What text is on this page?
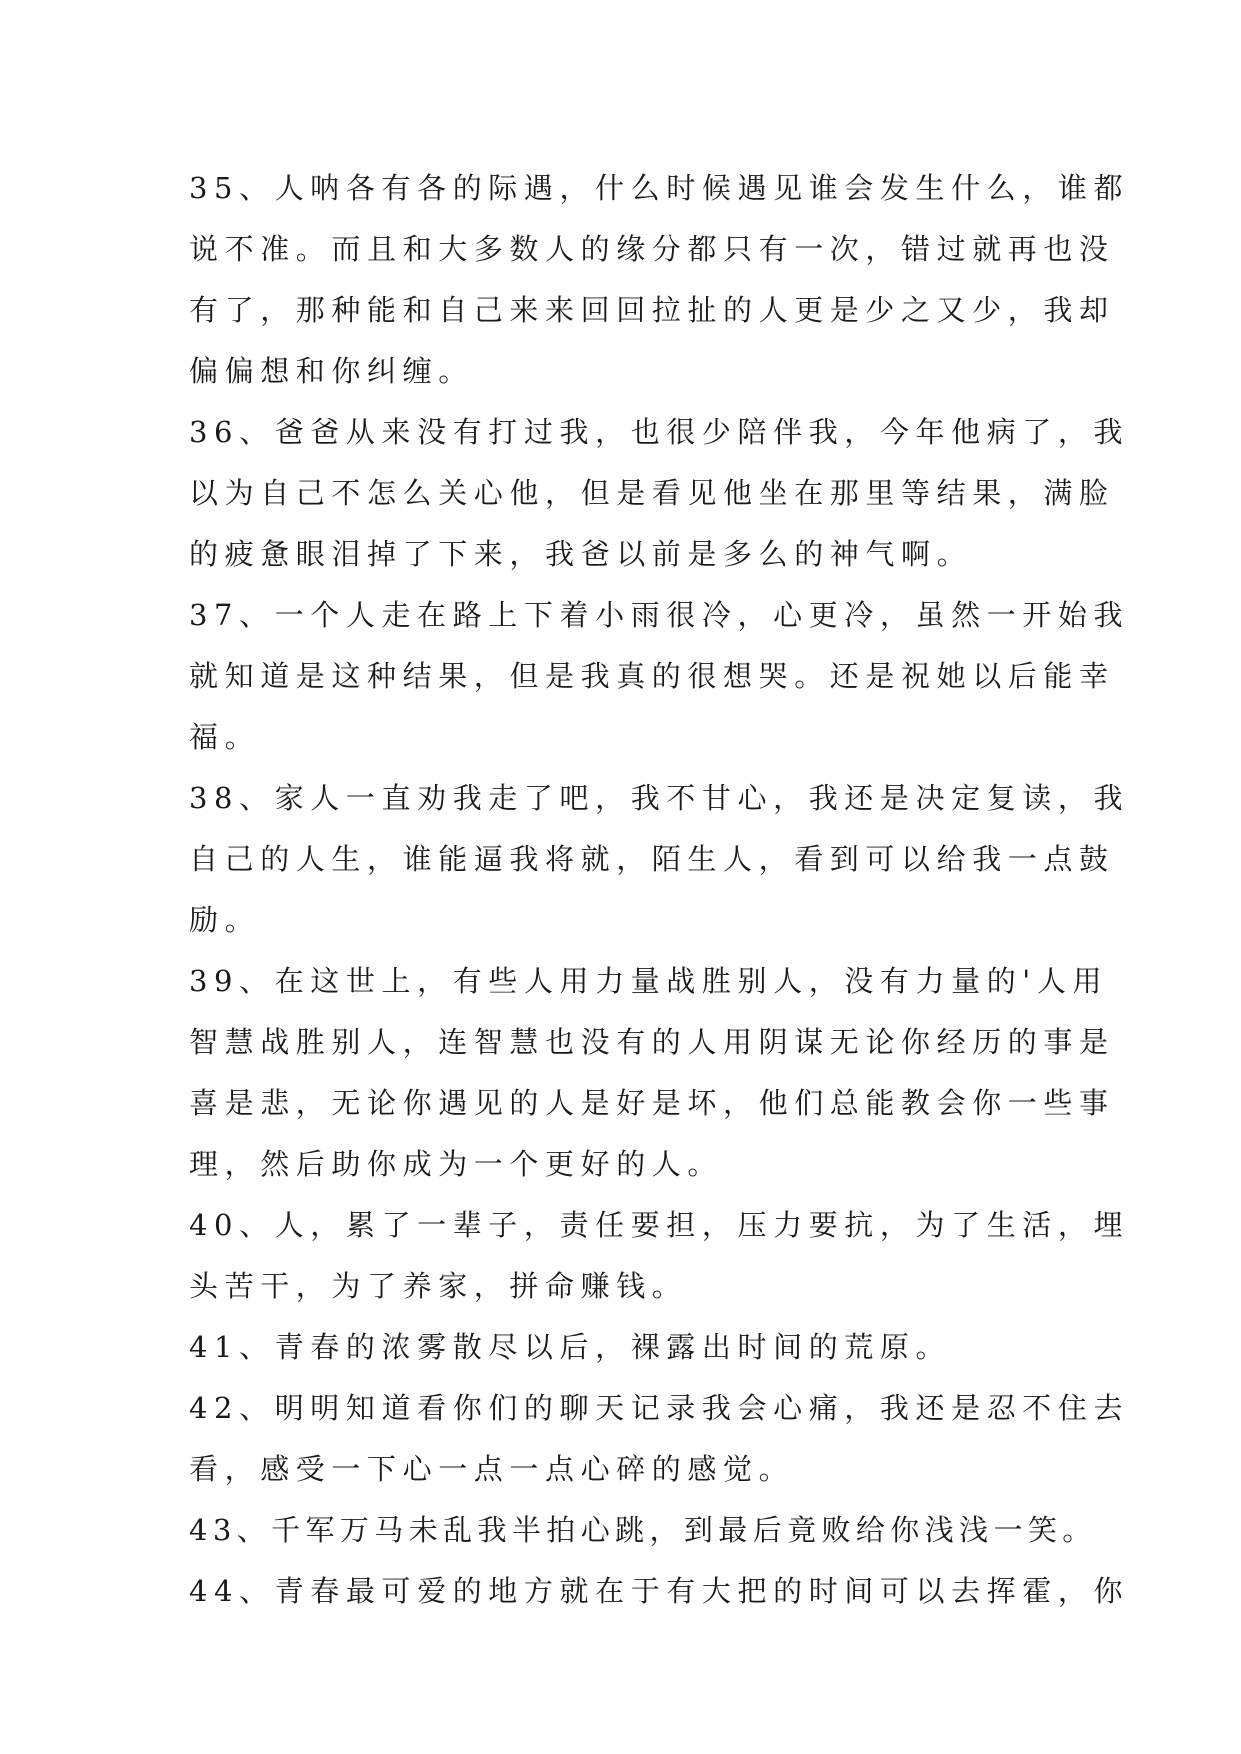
35、人呐各有各的际遇，什么时候遇见谁会发生什么，谁都
说不准。而且和大多数人的缘分都只有一次，错过就再也没
有了，那种能和自己来来回回拉扯的人更是少之又少，我却
偏偏想和你纠缠。
36、爸爸从来没有打过我，也很少陪伴我，今年他病了，我
以为自己不怎么关心他，但是看见他坐在那里等结果，满脸
的疲惫眼泪掉了下来，我爸以前是多么的神气啊。
37、一个人走在路上下着小雨很冷，心更冷，虽然一开始我
就知道是这种结果，但是我真的很想哭。还是祝她以后能幸
福。
38、家人一直劝我走了吧，我不甘心，我还是决定复读，我
自己的人生，谁能逼我将就，陌生人，看到可以给我一点鼓
励。
39、在这世上，有些人用力量战胜别人，没有力量的'人用
智慧战胜别人，连智慧也没有的人用阴谋无论你经历的事是
喜是悲，无论你遇见的人是好是坏，他们总能教会你一些事
理，然后助你成为一个更好的人。
40、人，累了一辈子，责任要担，压力要抗，为了生活，埋
头苦干，为了养家，拼命赚钱。
41、青春的浓雾散尽以后，裸露出时间的荒原。
42、明明知道看你们的聊天记录我会心痛，我还是忍不住去
看，感受一下心一点一点心碎的感觉。
43、千军万马未乱我半拍心跳，到最后竟败给你浅浅一笑。
44、青春最可爱的地方就在于有大把的时间可以去挥霍，你
